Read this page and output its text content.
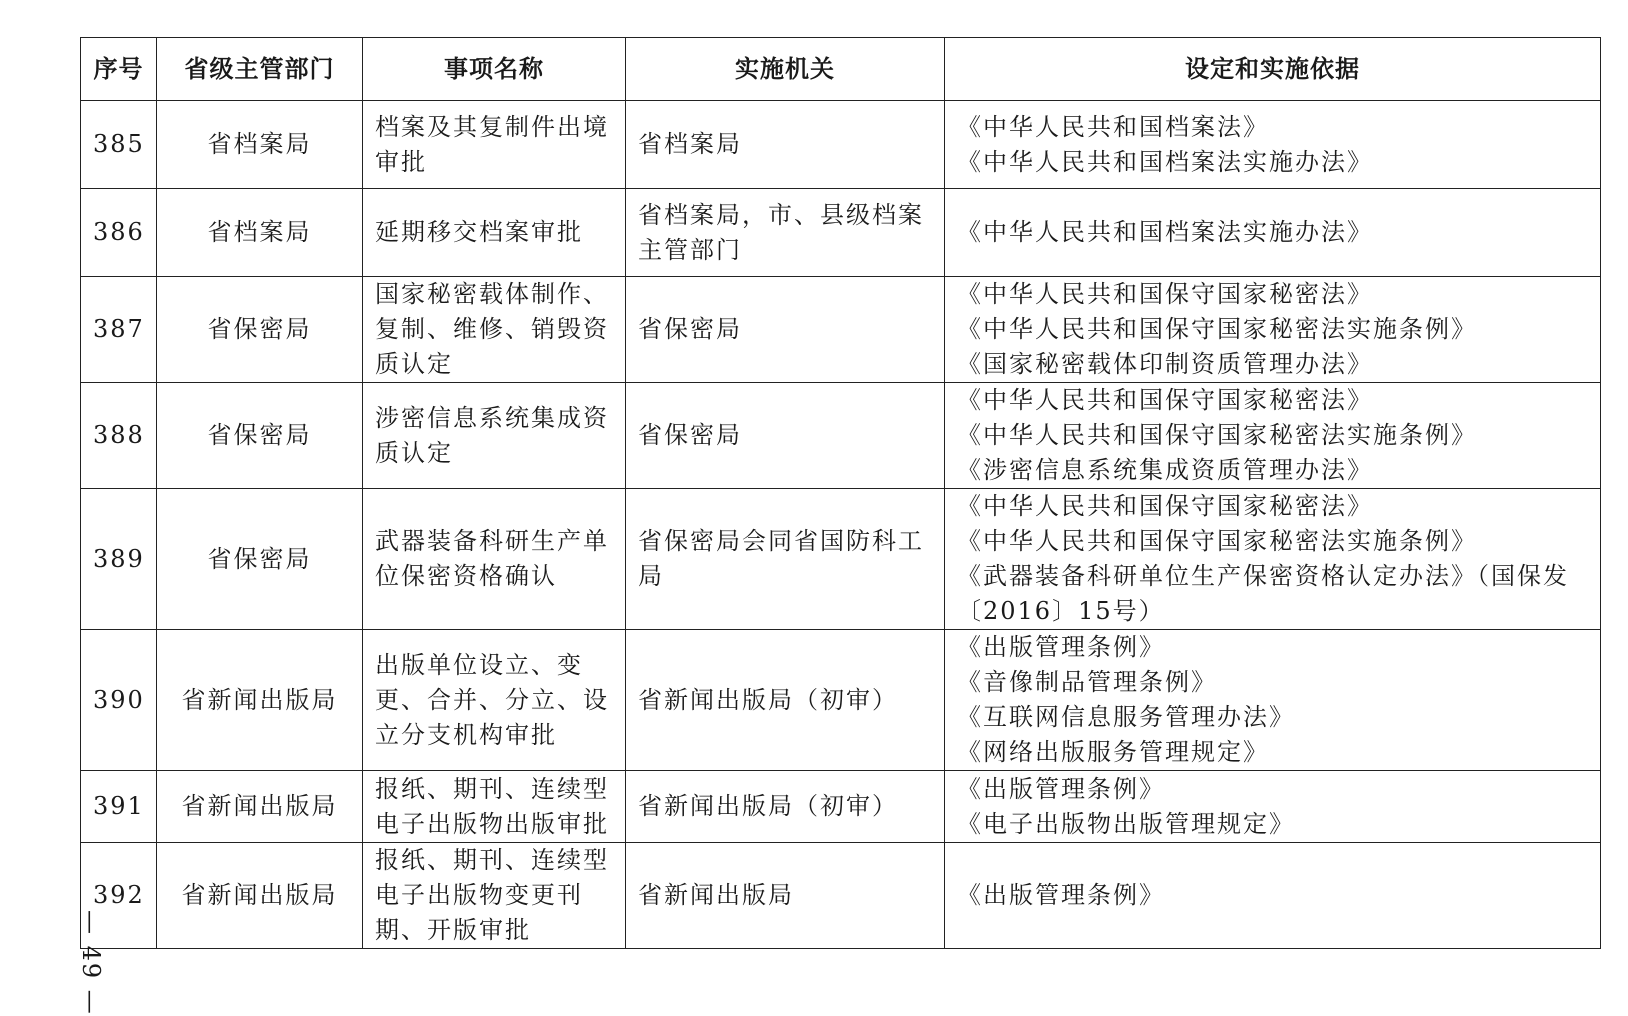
序号	省级主管部门	事项名称	实施机关	设定和实施依据
385	省档案局	档案及其复制件出境审批	省档案局	《中华人民共和国档案法》
《中华人民共和国档案法实施办法》

386	省档案局	延期移交档案审批	省档案局，市、县级档案主管部门	《中华人民共和国档案法实施办法》

387	省保密局	国家秘密载体制作、复制、维修、销毁资质认定	省保密局	《中华人民共和国保守国家秘密法》
《中华人民共和国保守国家秘密法实施条例》
《国家秘密载体印制资质管理办法》

388	省保密局	涉密信息系统集成资质认定	省保密局	《中华人民共和国保守国家秘密法》
《中华人民共和国保守国家秘密法实施条例》
《涉密信息系统集成资质管理办法》

389	省保密局	武器装备科研生产单位保密资格确认	省保密局会同省国防科工局	《中华人民共和国保守国家秘密法》
《中华人民共和国保守国家秘密法实施条例》
《武器装备科研单位生产保密资格认定办法》（国保发〔2016〕15号）

390	省新闻出版局	出版单位设立、变更、合并、分立、设立分支机构审批	省新闻出版局（初审）	《出版管理条例》
《音像制品管理条例》
《互联网信息服务管理办法》
《网络出版服务管理规定》

391	省新闻出版局	报纸、期刊、连续型电子出版物出版审批	省新闻出版局（初审）	《出版管理条例》
《电子出版物出版管理规定》

392	省新闻出版局	报纸、期刊、连续型电子出版物变更刊期、开版审批	省新闻出版局	《出版管理条例》
— 49 —
